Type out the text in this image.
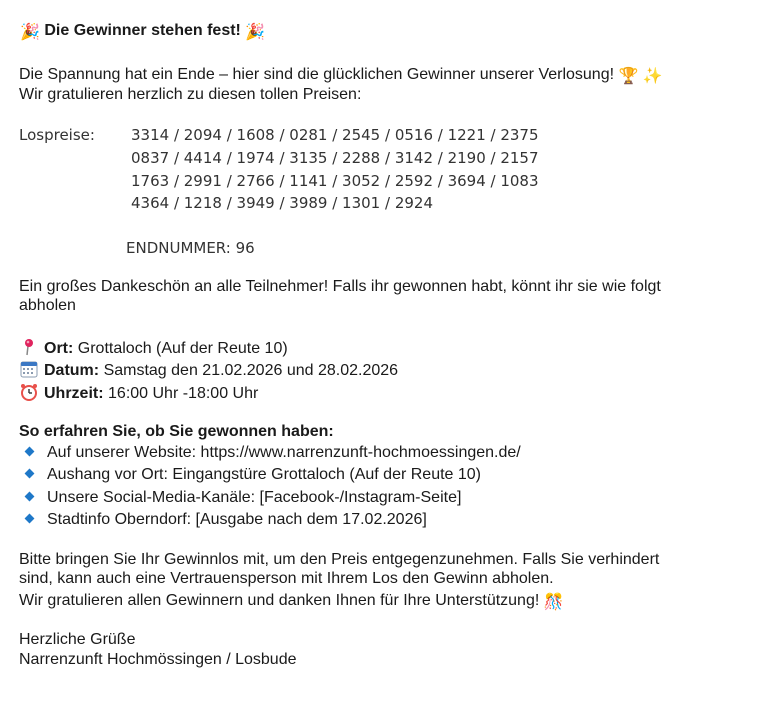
🎉 Die Gewinner stehen fest! 🎉
Die Spannung hat ein Ende – hier sind die glücklichen Gewinner unserer Verlosung! 🏆 ✨
Wir gratulieren herzlich zu diesen tollen Preisen:
Lospreise: 3314 / 2094 / 1608 / 0281 / 2545 / 0516 / 1221 / 2375
0837 / 4414 / 1974 / 3135 / 2288 / 3142 / 2190 / 2157
1763 / 2991 / 2766 / 1141 / 3052 / 2592 / 3694 / 1083
4364 / 1218 / 3949 / 3989 / 1301 / 2924
ENDNUMMER: 96
Ein großes Dankeschön an alle Teilnehmer! Falls ihr gewonnen habt, könnt ihr sie wie folgt
abholen
Ort: Grottaloch (Auf der Reute 10)
Datum: Samstag den 21.02.2026 und 28.02.2026
Uhrzeit: 16:00 Uhr -18:00 Uhr
So erfahren Sie, ob Sie gewonnen haben:
Auf unserer Website: https://www.narrenzunft-hochmoessingen.de/
Aushang vor Ort: Eingangstüre Grottaloch (Auf der Reute 10)
Unsere Social-Media-Kanäle: [Facebook-/Instagram-Seite]
Stadtinfo Oberndorf: [Ausgabe nach dem 17.02.2026]
Bitte bringen Sie Ihr Gewinnlos mit, um den Preis entgegenzunehmen. Falls Sie verhindert
sind, kann auch eine Vertrauensperson mit Ihrem Los den Gewinn abholen.
Wir gratulieren allen Gewinnern und danken Ihnen für Ihre Unterstützung! 🎊
Herzliche Grüße
Narrenzunft Hochmössingen / Losbude
